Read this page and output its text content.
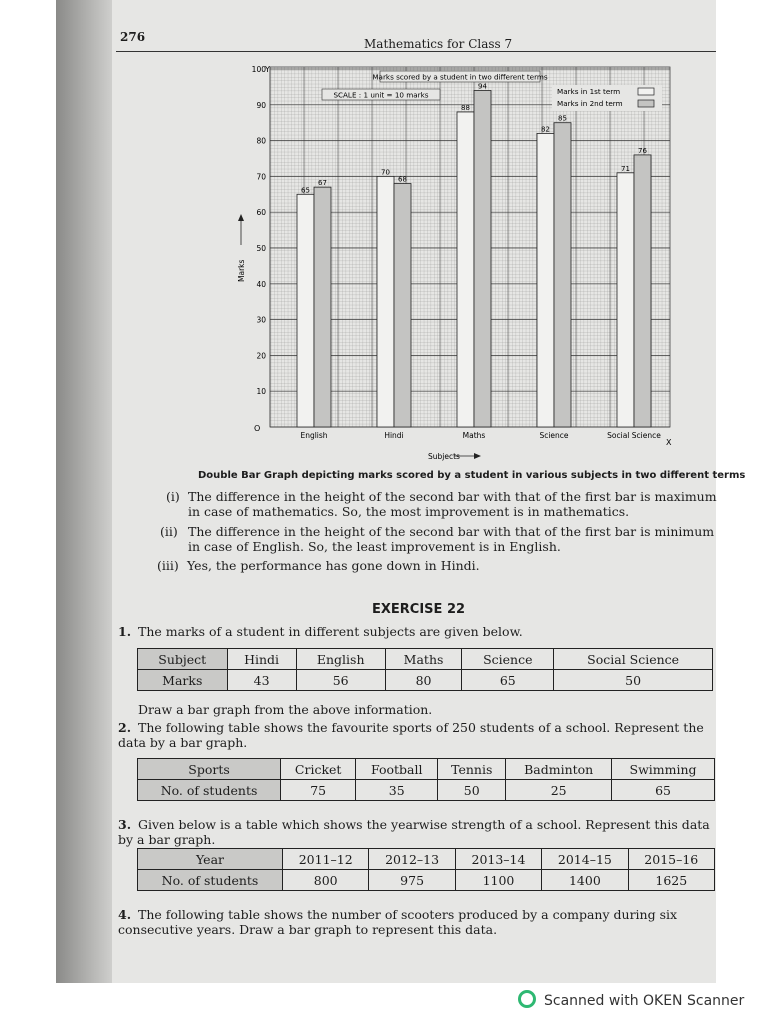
276	Mathematics for Class 7
65
67
70
68
88
94
82
85
71
76
10
20
30
40
50
60
70
80
90
100
English	Hindi	Maths	Science	Social Science
Marks scored by a student in two different terms
SCALE : 1 unit = 10 marks	Marks in 1st term
Marks in 2nd term
Y
O
X
Marks
Subjects
Double Bar Graph depicting marks scored by a student in various subjects in two different terms
(i) The difference in the height of the second bar with that of the first bar is maximum in case of mathematics. So, the most improvement is in mathematics.
(ii) The difference in the height of the second bar with that of the first bar is minimum in case of English. So, the least improvement is in English.
(iii) Yes, the performance has gone down in Hindi.
EXERCISE 22
1. The marks of a student in different subjects are given below.
Subject	Hindi	English	Maths	Science	Social Science
Marks	43	56	80	65	50
Draw a bar graph from the above information.
2. The following table shows the favourite sports of 250 students of a school. Represent the data by a bar graph.
Sports	Cricket	Football	Tennis	Badminton	Swimming
No. of students	75	35	50	25	65
3. Given below is a table which shows the yearwise strength of a school. Represent this data by a bar graph.
Year	2011–12	2012–13	2013–14	2014–15	2015–16
No. of students	800	975	1100	1400	1625
4. The following table shows the number of scooters produced by a company during six consecutive years. Draw a bar graph to represent this data.
Scanned with OKEN Scanner
